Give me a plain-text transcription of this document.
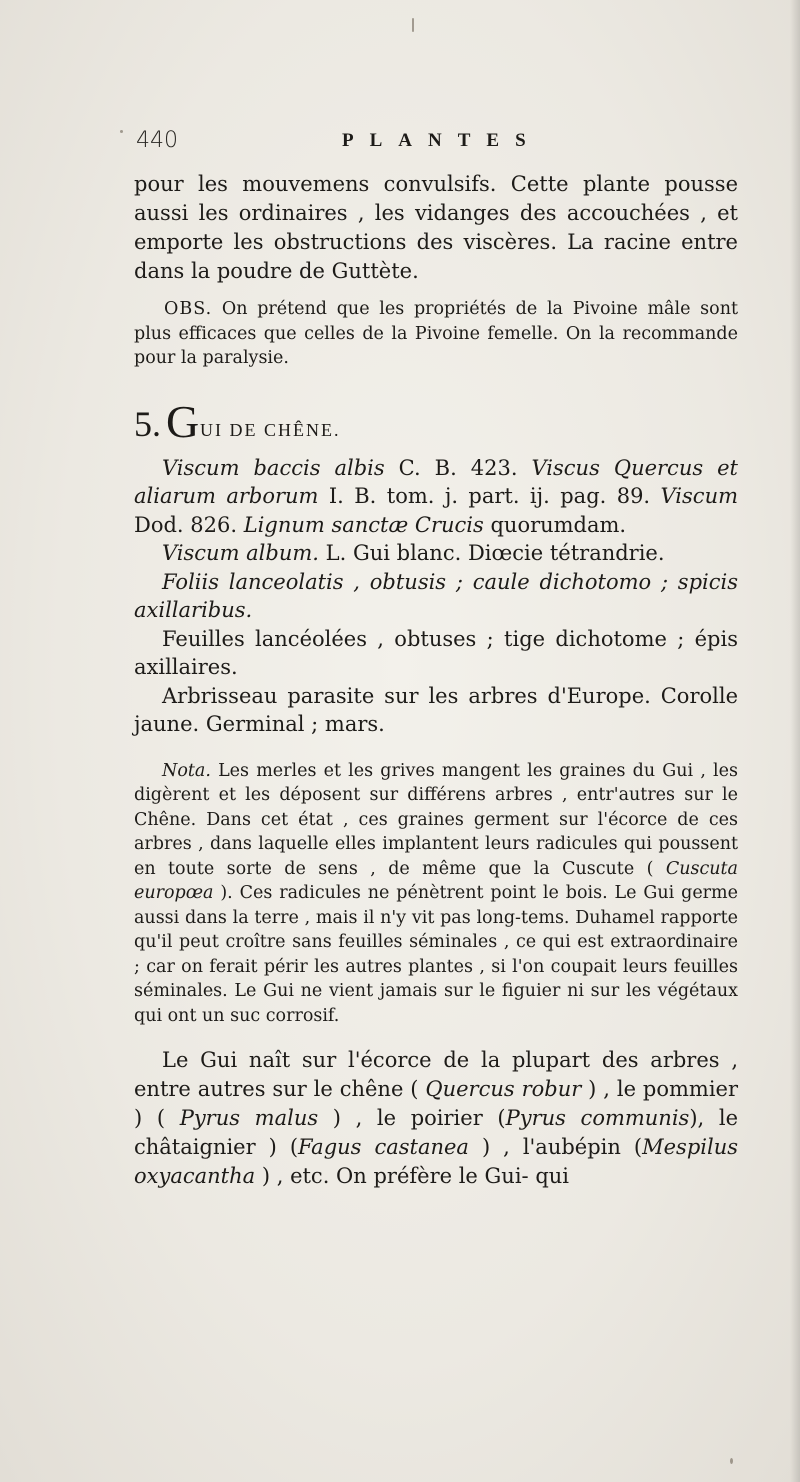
440	PLANTES

pour les mouvemens convulsifs. Cette plante pousse aussi les ordinaires , les vidanges des accouchées , et emporte les obstructions des viscères. La racine entre dans la poudre de Guttète.

OBS. On prétend que les propriétés de la Pivoine mâle sont plus efficaces que celles de la Pivoine femelle. On la recommande pour la paralysie.

5. G UI DE CHÊNE.

Viscum baccis albis C. B. 423. Viscus Quercus et aliarum arborum I. B. tom. j. part. ij. pag. 89. Viscum Dod. 826. Lignum sanctæ Crucis quorumdam.

Viscum album. L. Gui blanc. Diœcie tétrandrie.

Foliis lanceolatis , obtusis ; caule dichotomo ; spicis axillaribus.

Feuilles lancéolées , obtuses ; tige dichotome ; épis axillaires.

Arbrisseau parasite sur les arbres d'Europe. Corolle jaune. Germinal ; mars.

Nota. Les merles et les grives mangent les graines du Gui , les digèrent et les déposent sur différens arbres , entr'autres sur le Chêne. Dans cet état , ces graines germent sur l'écorce de ces arbres , dans laquelle elles implantent leurs radicules qui poussent en toute sorte de sens , de même que la Cuscute ( Cuscuta europœa ). Ces radicules ne pénètrent point le bois. Le Gui germe aussi dans la terre , mais il n'y vit pas long-tems. Duhamel rapporte qu'il peut croître sans feuilles séminales , ce qui est extraordinaire ; car on ferait périr les autres plantes , si l'on coupait leurs feuilles séminales. Le Gui ne vient jamais sur le figuier ni sur les végétaux qui ont un suc corrosif.

Le Gui naît sur l'écorce de la plupart des arbres , entre autres sur le chêne ( Quercus robur ) , le pommier ) ( Pyrus malus ) , le poirier (Pyrus communis), le châtaignier ) (Fagus castanea ) , l'aubépin (Mespilus oxyacantha ) , etc. On préfère le Gui- qui
